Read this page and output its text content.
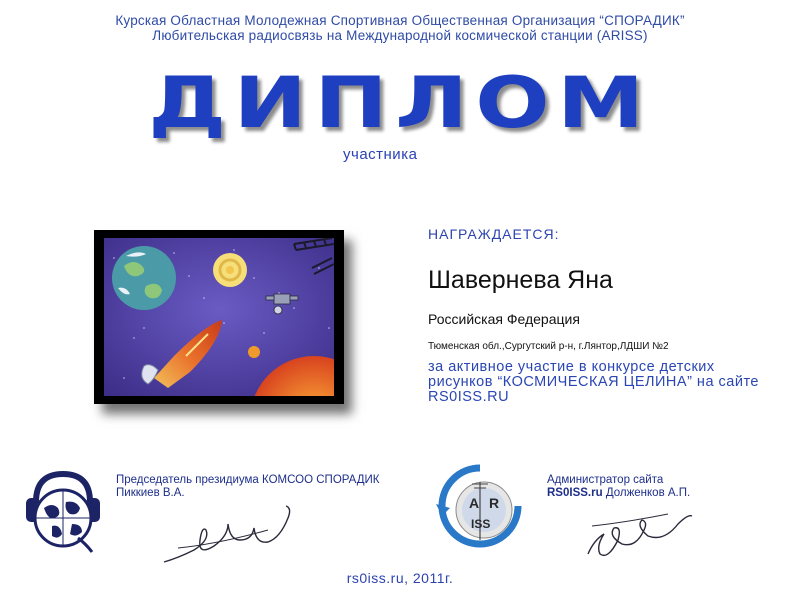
Курская Областная Молодежная Спортивная Общественная Организация “СПОРАДИК”
Любительская радиосвязь на Международной космической станции (ARISS)
ДИПЛОМ
участника
НАГРАЖДАЕТСЯ:
Шавернева Яна
Российская Федерация
Тюменская обл.,Сургутский р-н, г.Лянтор,ЛДШИ №2
за активное участие в конкурсе детских рисунков “КОСМИЧЕСКАЯ ЦЕЛИНА” на сайте RS0ISS.RU
Председатель президиума КОМСОО СПОРАДИК Пиккиев В.А.
A R
ISS
Администратор сайта
RS0ISS.ru Долженков А.П.
rs0iss.ru, 2011г.
